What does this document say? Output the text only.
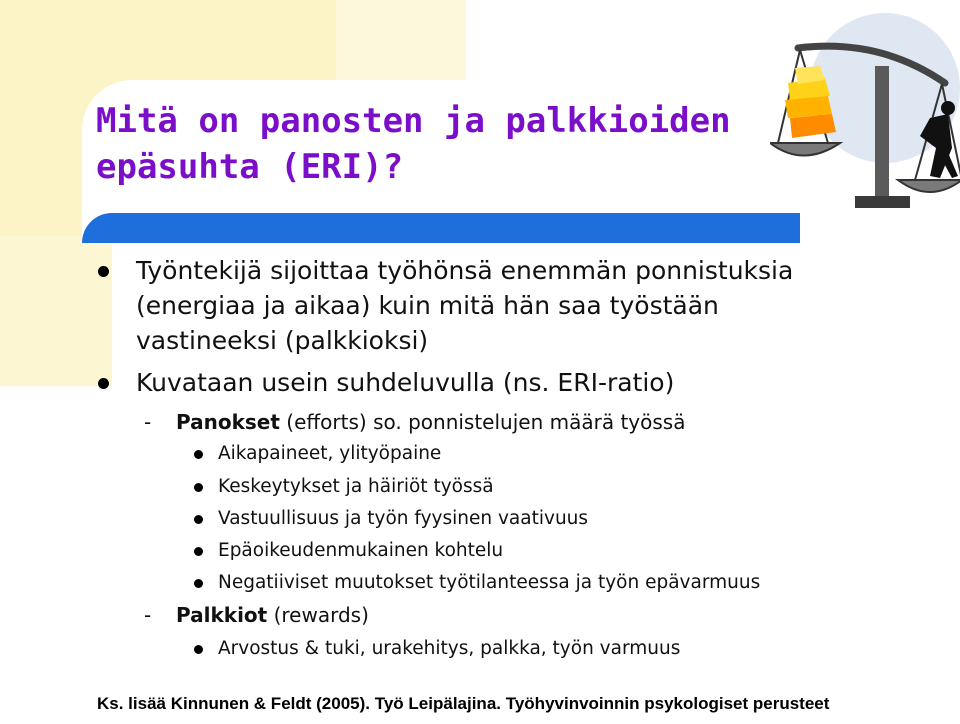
Mitä on panosten ja palkkioiden
epäsuhta (ERI)?
Työntekijä sijoittaa työhönsä enemmän ponnistuksia
(energiaa ja aikaa) kuin mitä hän saa työstään
vastineeksi (palkkioksi)
Kuvataan usein suhdeluvulla (ns. ERI-ratio)
- Panokset (efforts) so. ponnistelujen määrä työssä
Aikapaineet, ylityöpaine
Keskeytykset ja häiriöt työssä
Vastuullisuus ja työn fyysinen vaativuus
Epäoikeudenmukainen kohtelu
Negatiiviset muutokset työtilanteessa ja työn epävarmuus
- Palkkiot (rewards)
Arvostus & tuki, urakehitys, palkka, työn varmuus
Ks. lisää Kinnunen & Feldt (2005). Työ Leipälajina. Työhyvinvoinnin psykologiset perusteet
